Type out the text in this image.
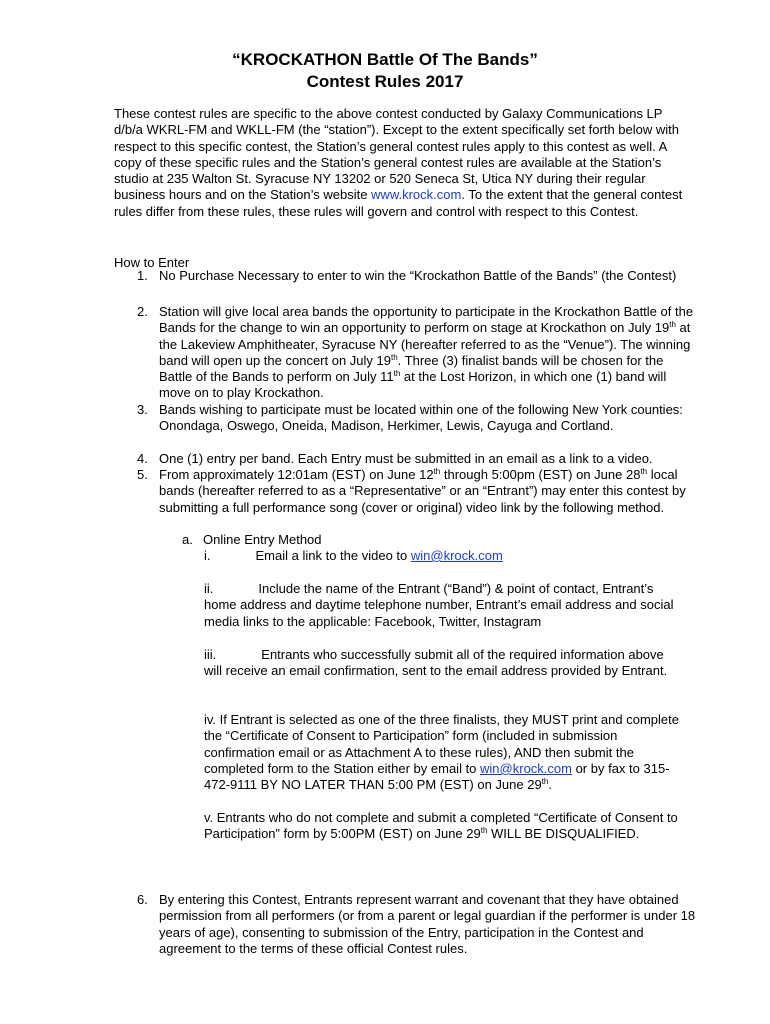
“KROCKATHON Battle Of The Bands”
Contest Rules 2017
These contest rules are specific to the above contest conducted by Galaxy Communications LP d/b/a WKRL-FM and WKLL-FM (the “station”). Except to the extent specifically set forth below with respect to this specific contest, the Station’s general contest rules apply to this contest as well. A copy of these specific rules and the Station’s general contest rules are available at the Station’s studio at 235 Walton St. Syracuse NY 13202 or 520 Seneca St, Utica NY during their regular business hours and on the Station’s website www.krock.com. To the extent that the general contest rules differ from these rules, these rules will govern and control with respect to this Contest.
How to Enter
1. No Purchase Necessary to enter to win the “Krockathon Battle of the Bands” (the Contest)
2. Station will give local area bands the opportunity to participate in the Krockathon Battle of the Bands for the change to win an opportunity to perform on stage at Krockathon on July 19th at the Lakeview Amphitheater, Syracuse NY (hereafter referred to as the “Venue”). The winning band will open up the concert on July 19th. Three (3) finalist bands will be chosen for the Battle of the Bands to perform on July 11th at the Lost Horizon, in which one (1) band will move on to play Krockathon.
3. Bands wishing to participate must be located within one of the following New York counties: Onondaga, Oswego, Oneida, Madison, Herkimer, Lewis, Cayuga and Cortland.
4. One (1) entry per band. Each Entry must be submitted in an email as a link to a video.
5. From approximately 12:01am (EST) on June 12th through 5:00pm (EST) on June 28th local bands (hereafter referred to as a “Representative” or an “Entrant”) may enter this contest by submitting a full performance song (cover or original) video link by the following method.
a. Online Entry Method
i.	Email a link to the video to win@krock.com
ii.	Include the name of the Entrant (“Band”) & point of contact, Entrant’s home address and daytime telephone number, Entrant’s email address and social media links to the applicable: Facebook, Twitter, Instagram
iii.	Entrants who successfully submit all of the required information above will receive an email confirmation, sent to the email address provided by Entrant.
iv. If Entrant is selected as one of the three finalists, they MUST print and complete the “Certificate of Consent to Participation” form (included in submission confirmation email or as Attachment A to these rules), AND then submit the completed form to the Station either by email to win@krock.com or by fax to 315-472-9111 BY NO LATER THAN 5:00 PM (EST) on June 29th.
v. Entrants who do not complete and submit a completed “Certificate of Consent to Participation” form by 5:00PM (EST) on June 29th WILL BE DISQUALIFIED.
6. By entering this Contest, Entrants represent warrant and covenant that they have obtained permission from all performers (or from a parent or legal guardian if the performer is under 18 years of age), consenting to submission of the Entry, participation in the Contest and agreement to the terms of these official Contest rules.
